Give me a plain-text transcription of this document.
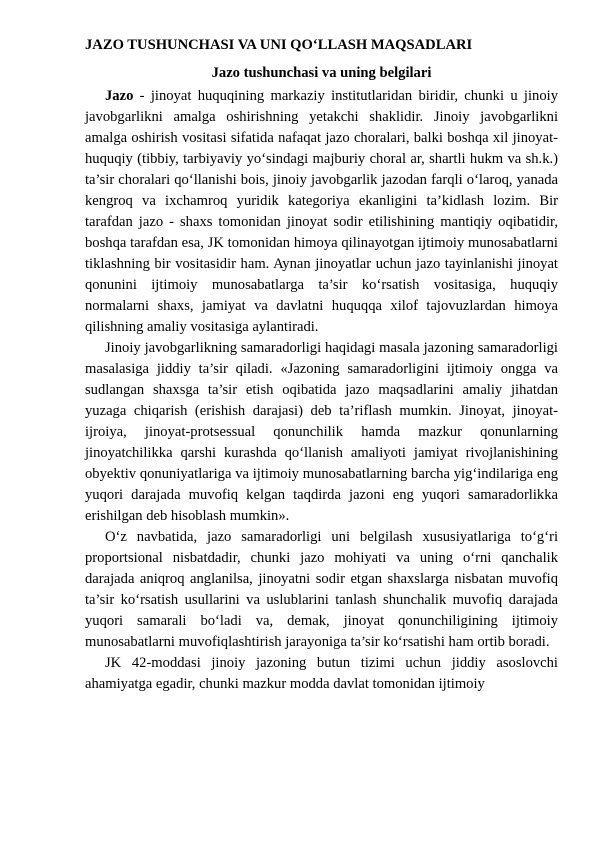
JAZO TUSHUNCHASI VA UNI QO‘LLASH MAQSADLARI
Jazo tushunchasi va uning belgilari

Jazo - jinoyat huquqining markaziy institutlaridan biridir, chunki u jinoiy javobgarlikni amalga oshirishning yetakchi shaklidir. Jinoiy javobgarlikni amalga oshirish vositasi sifatida nafaqat jazo choralari, balki boshqa xil jinoyat-huquqiy (tibbiy, tarbiyaviy yo‘sindagi majburiy choral ar, shartli hukm va sh.k.) ta’sir choralari qo‘llanishi bois, jinoiy javobgarlik jazodan farqli o‘laroq, yanada kengroq va ixchamroq yuridik kategoriya ekanligini ta’kidlash lozim. Bir tarafdan jazo - shaxs tomonidan jinoyat sodir etilishining mantiqiy oqibatidir, boshqa tarafdan esa, JK tomonidan himoya qilinayotgan ijtimoiy munosabatlarni tiklashning bir vositasidir ham. Aynan jinoyatlar uchun jazo tayinlanishi jinoyat qonunini ijtimoiy munosabatlarga ta’sir ko‘rsatish vositasiga, huquqiy normalarni shaxs, jamiyat va davlatni huquqqa xilof tajovuzlardan himoya qilishning amaliy vositasiga aylantiradi.

Jinoiy javobgarlikning samaradorligi haqidagi masala jazoning samaradorligi masalasiga jiddiy ta’sir qiladi. «Jazoning samaradorligini ijtimoiy ongga va sudlangan shaxsga ta’sir etish oqibatida jazo maqsadlarini amaliy jihatdan yuzaga chiqarish (erishish darajasi) deb ta’riflash mumkin. Jinoyat, jinoyat-ijroiya, jinoyat-protsessual qonunchilik hamda mazkur qonunlarning jinoyatchilikka qarshi kurashda qo‘llanish amaliyoti jamiyat rivojlanishining obyektiv qonuniyatlariga va ijtimoiy munosabatlarning barcha yig‘indilariga eng yuqori darajada muvofiq kelgan taqdirda jazoni eng yuqori samaradorlikka erishilgan deb hisoblash mumkin».

O‘z navbatida, jazo samaradorligi uni belgilash xususiyatlariga to‘g‘ri proportsional nisbatdadir, chunki jazo mohiyati va uning o‘rni qanchalik darajada aniqroq anglanilsa, jinoyatni sodir etgan shaxslarga nisbatan muvofiq ta’sir ko‘rsatish usullarini va uslublarini tanlash shunchalik muvofiq darajada yuqori samarali bo‘ladi va, demak, jinoyat qonunchiligining ijtimoiy munosabatlarni muvofiqlashtirish jarayoniga ta’sir ko‘rsatishi ham ortib boradi.

JK 42-moddasi jinoiy jazoning butun tizimi uchun jiddiy asoslovchi ahamiyatga egadir, chunki mazkur modda davlat tomonidan ijtimoiy
